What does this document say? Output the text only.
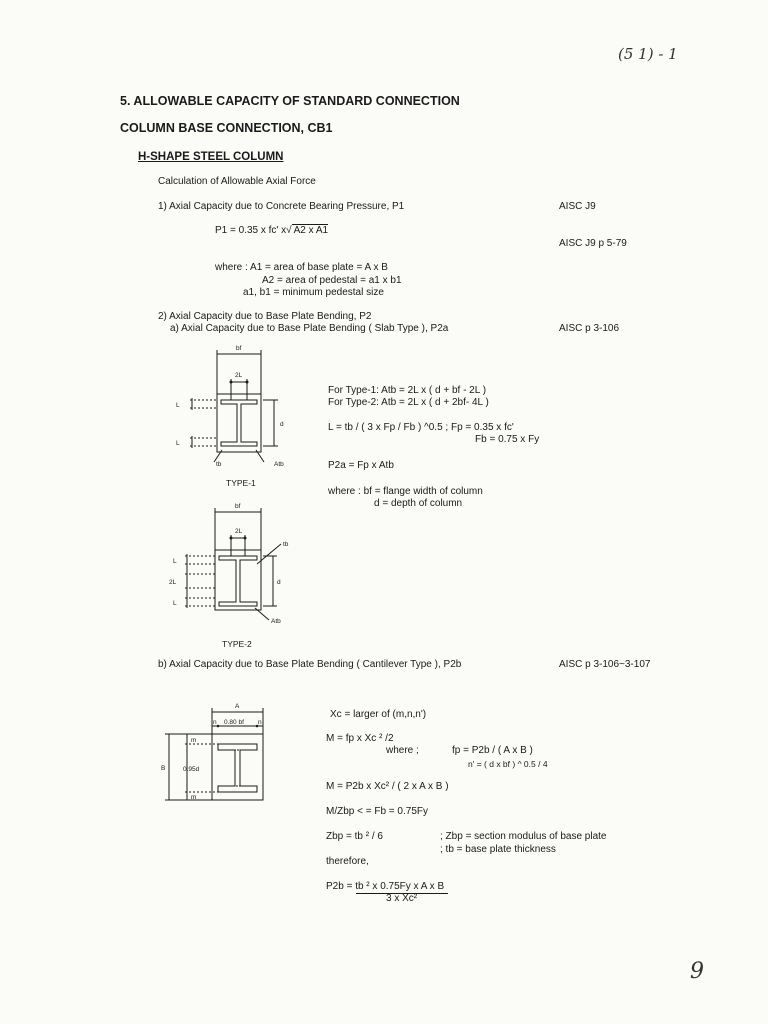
(5 1) - 1
9
5. ALLOWABLE CAPACITY OF STANDARD CONNECTION
COLUMN BASE CONNECTION, CB1
H-SHAPE STEEL COLUMN
Calculation of Allowable Axial Force
1) Axial Capacity due to Concrete Bearing Pressure, P1	AISC J9
P1 = 0.35 x fc' x√ A2 x A1
AISC J9 p 5-79
where : A1 = area of base plate = A x B
A2 = area of pedestal = a1 x b1
a1, b1 = minimum pedestal size
2) Axial Capacity due to Base Plate Bending, P2
a) Axial Capacity due to Base Plate Bending ( Slab Type ), P2a	AISC p 3-106
bf
2L
L
L
d
tb	Atb
TYPE-1
For Type-1: Atb = 2L x ( d + bf - 2L )
For Type-2: Atb = 2L x ( d + 2bf- 4L )
L = tb / ( 3 x Fp / Fb ) ^0.5 ; Fp = 0.35 x fc'
Fb = 0.75 x Fy
P2a = Fp x Atb
where : bf = flange width of column
d = depth of column
bf
2L
L
2L
L
d
tb
Atb
TYPE-2
b) Axial Capacity due to Base Plate Bending ( Cantilever Type ), P2b	AISC p 3-106~3-107
A
n 0.80 bf n
B
m
0.95d
m
Xc = larger of (m,n,n')
M = fp x Xc ² /2
where ;	fp = P2b / ( A x B )
n' = ( d x bf ) ^ 0.5 / 4
M = P2b x Xc² / ( 2 x A x B )
M/Zbp < = Fb = 0.75Fy
Zbp = tb ² / 6	; Zbp = section modulus of base plate
; tb = base plate thickness
therefore,
P2b = tb ² x 0.75Fy x A x B
3 x Xc²
